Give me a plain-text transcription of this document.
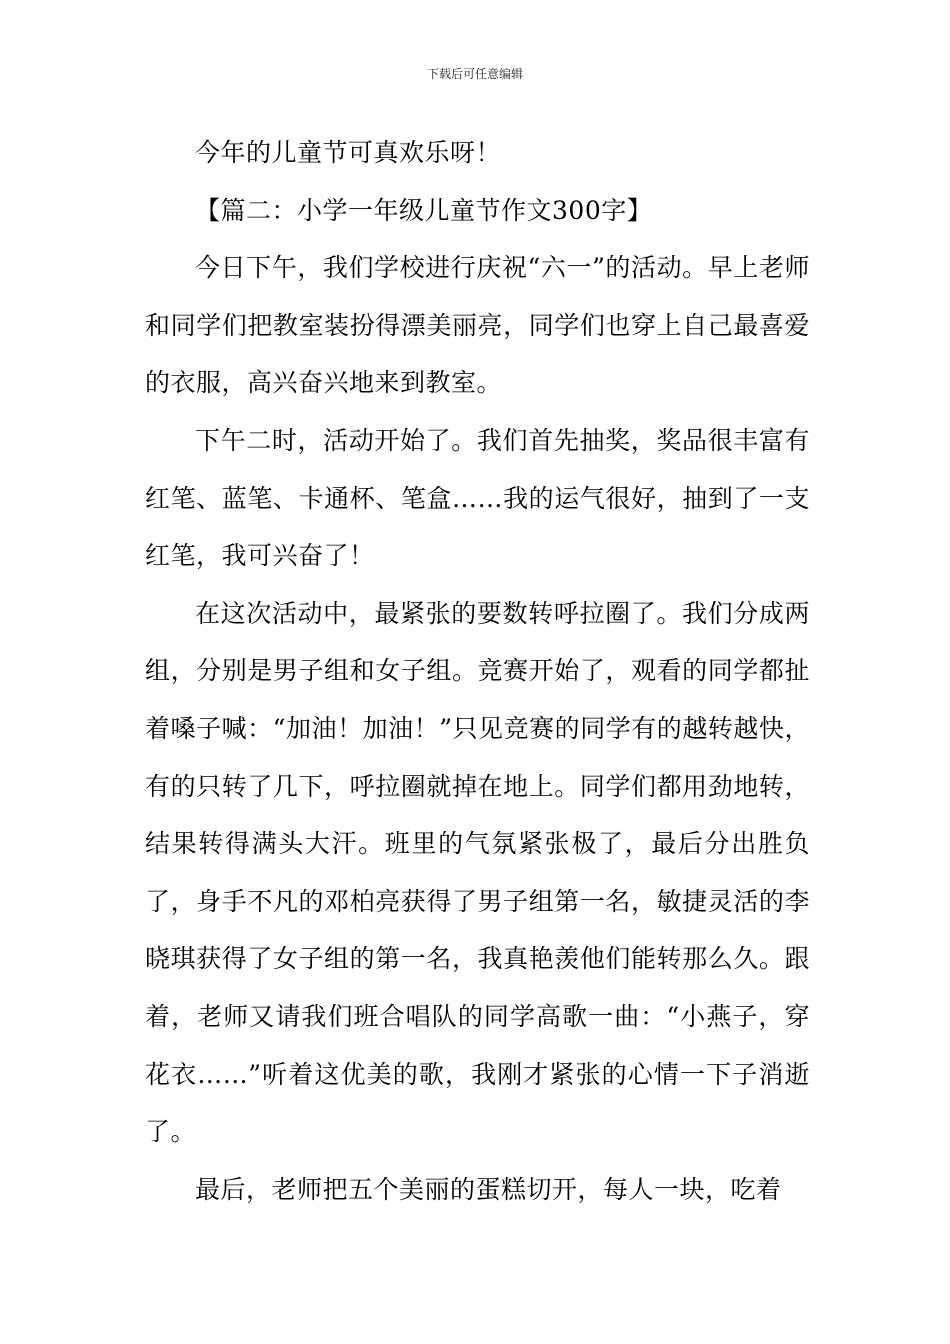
下载后可任意编辑

今年的儿童节可真欢乐呀！

【篇二：小学一年级儿童节作文300字】

今日下午，我们学校进行庆祝“六一”的活动。早上老师和同学们把教室装扮得漂美丽亮，同学们也穿上自己最喜爱的衣服，高兴奋兴地来到教室。

下午二时，活动开始了。我们首先抽奖，奖品很丰富有红笔、蓝笔、卡通杯、笔盒……我的运气很好，抽到了一支红笔，我可兴奋了！

在这次活动中，最紧张的要数转呼拉圈了。我们分成两组，分别是男子组和女子组。竞赛开始了，观看的同学都扯着嗓子喊：“加油！加油！”只见竞赛的同学有的越转越快，有的只转了几下，呼拉圈就掉在地上。同学们都用劲地转，结果转得满头大汗。班里的气氛紧张极了，最后分出胜负了，身手不凡的邓柏亮获得了男子组第一名，敏捷灵活的李晓琪获得了女子组的第一名，我真艳羡他们能转那么久。跟着，老师又请我们班合唱队的同学高歌一曲：“小燕子，穿花衣……”听着这优美的歌，我刚才紧张的心情一下子消逝了。

最后，老师把五个美丽的蛋糕切开，每人一块，吃着
